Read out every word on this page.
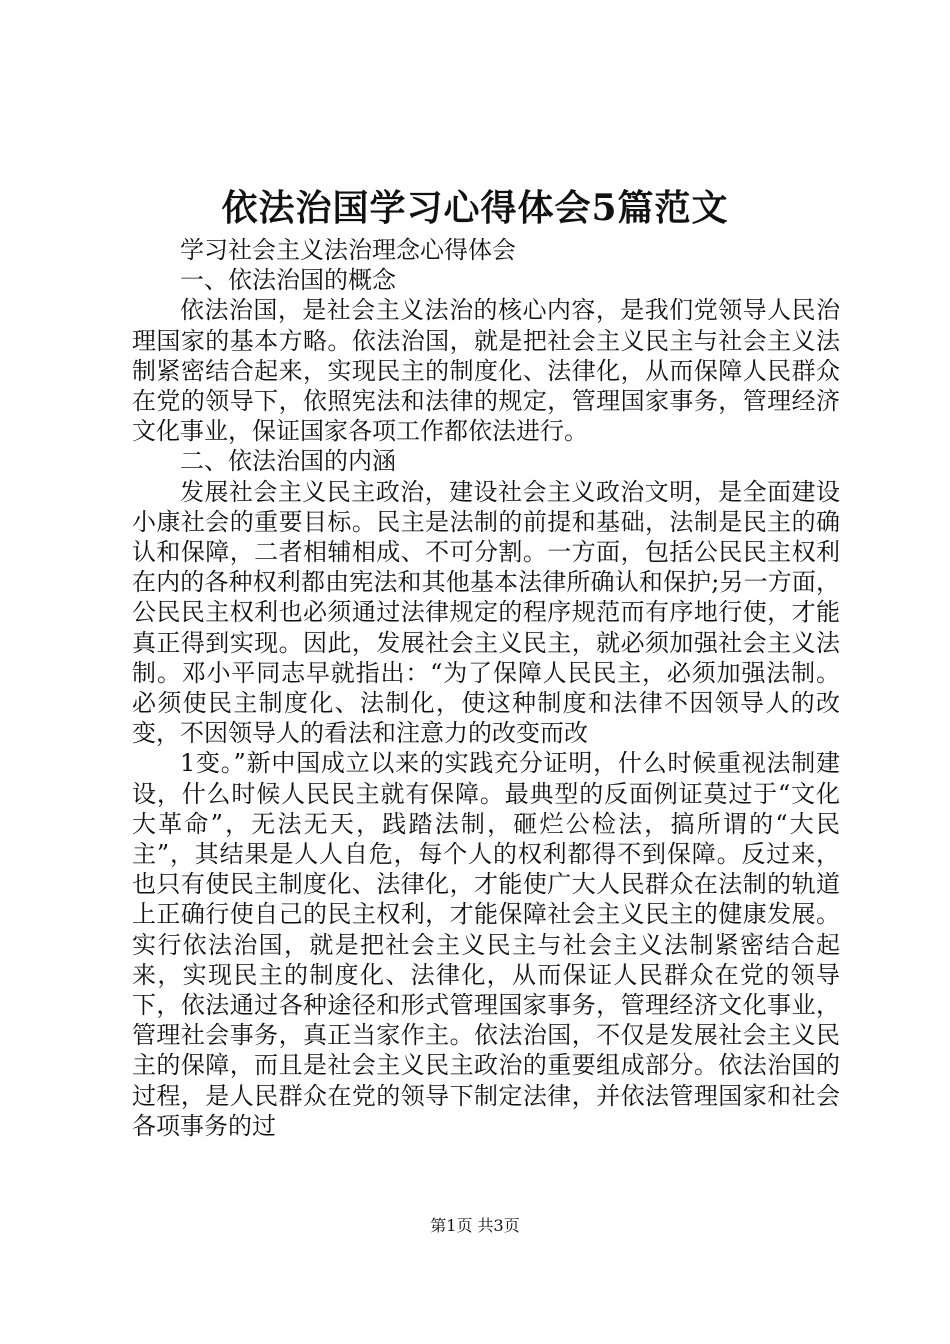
依法治国学习心得体会5篇范文

学习社会主义法治理念心得体会

一、依法治国的概念

依法治国，是社会主义法治的核心内容，是我们党领导人民治理国家的基本方略。依法治国，就是把社会主义民主与社会主义法制紧密结合起来，实现民主的制度化、法律化，从而保障人民群众在党的领导下，依照宪法和法律的规定，管理国家事务，管理经济文化事业，保证国家各项工作都依法进行。

二、依法治国的内涵

发展社会主义民主政治，建设社会主义政治文明，是全面建设小康社会的重要目标。民主是法制的前提和基础，法制是民主的确认和保障，二者相辅相成、不可分割。一方面，包括公民民主权利在内的各种权利都由宪法和其他基本法律所确认和保护;另一方面，公民民主权利也必须通过法律规定的程序规范而有序地行使，才能真正得到实现。因此，发展社会主义民主，就必须加强社会主义法制。邓小平同志早就指出：“为了保障人民民主，必须加强法制。必须使民主制度化、法制化，使这种制度和法律不因领导人的改变，不因领导人的看法和注意力的改变而改

1变。”新中国成立以来的实践充分证明，什么时候重视法制建设，什么时候人民民主就有保障。最典型的反面例证莫过于“文化大革命”，无法无天，践踏法制，砸烂公检法，搞所谓的“大民主”，其结果是人人自危，每个人的权利都得不到保障。反过来，也只有使民主制度化、法律化，才能使广大人民群众在法制的轨道上正确行使自己的民主权利，才能保障社会主义民主的健康发展。实行依法治国，就是把社会主义民主与社会主义法制紧密结合起来，实现民主的制度化、法律化，从而保证人民群众在党的领导下，依法通过各种途径和形式管理国家事务，管理经济文化事业，管理社会事务，真正当家作主。依法治国，不仅是发展社会主义民主的保障，而且是社会主义民主政治的重要组成部分。依法治国的过程，是人民群众在党的领导下制定法律，并依法管理国家和社会各项事务的过

第1页 共3页
